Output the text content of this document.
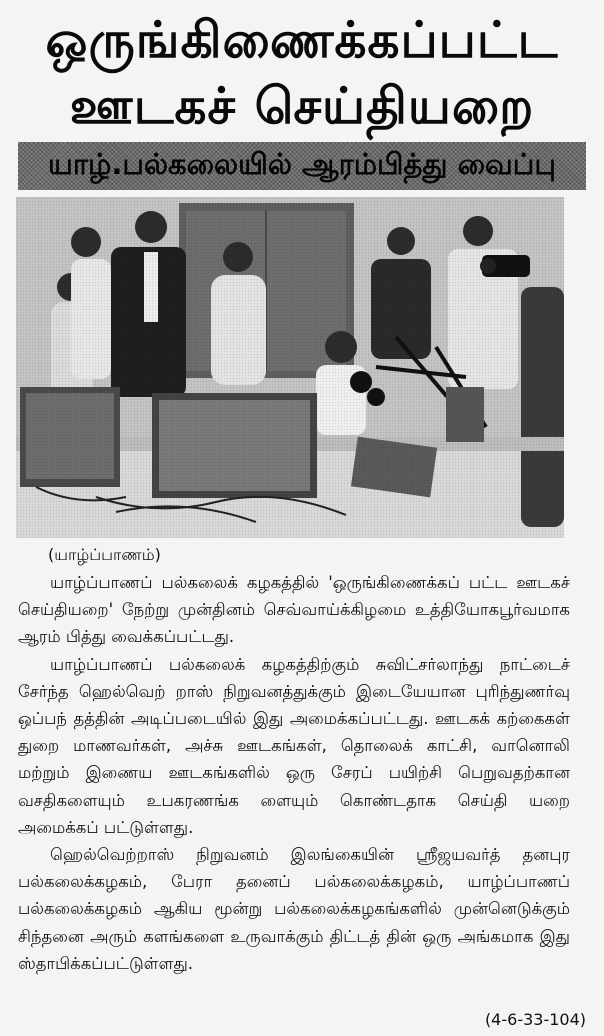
ஒருங்கிணைக்கப்பட்ட
ஊடகச் செய்தியறை
யாழ்.பல்கலையில் ஆரம்பித்து வைப்பு
(யாழ்ப்பாணம்)

யாழ்ப்பாணப் பல்கலைக் கழகத்தில் 'ஒருங்கிணைக்கப் பட்ட ஊடகச் செய்தியறை' நேற்று முன்தினம் செவ்வாய்க்கிழமை உத்தியோகபூர்வமாக ஆரம் பித்து வைக்கப்பட்டது.

யாழ்ப்பாணப் பல்கலைக் கழகத்திற்கும் சுவிட்சர்லாந்து நாட்டைச் சேர்ந்த ஹெல்வெற் றாஸ் நிறுவனத்துக்கும் இடையேயான புரிந்துணர்வு ஒப்பந் தத்தின் அடிப்படையில் இது அமைக்கப்பட்டது. ஊடகக் கற்கைகள் துறை மாணவர்கள், அச்சு ஊடகங்கள், தொலைக் காட்சி, வானொலி மற்றும் இணைய ஊடகங்களில் ஒரு சேரப் பயிற்சி பெறுவதற்கான வசதிகளையும் உபகரணங்க ளையும் கொண்டதாக செய்தி யறை அமைக்கப் பட்டுள்ளது.

ஹெல்வெற்றாஸ் நிறுவனம் இலங்கையின் ஸ்ரீஜயவர்த் தனபுர பல்கலைக்கழகம், பேரா தனைப் பல்கலைக்கழகம், யாழ்ப்பாணப் பல்கலைக்கழகம் ஆகிய மூன்று பல்கலைக்கழகங்களில் முன்னெடுக்கும் சிந்தனை அரும் களங்களை உருவாக்கும் திட்டத் தின் ஒரு அங்கமாக இது ஸ்தாபிக்கப்பட்டுள்ளது.

(4-6-33-104)
